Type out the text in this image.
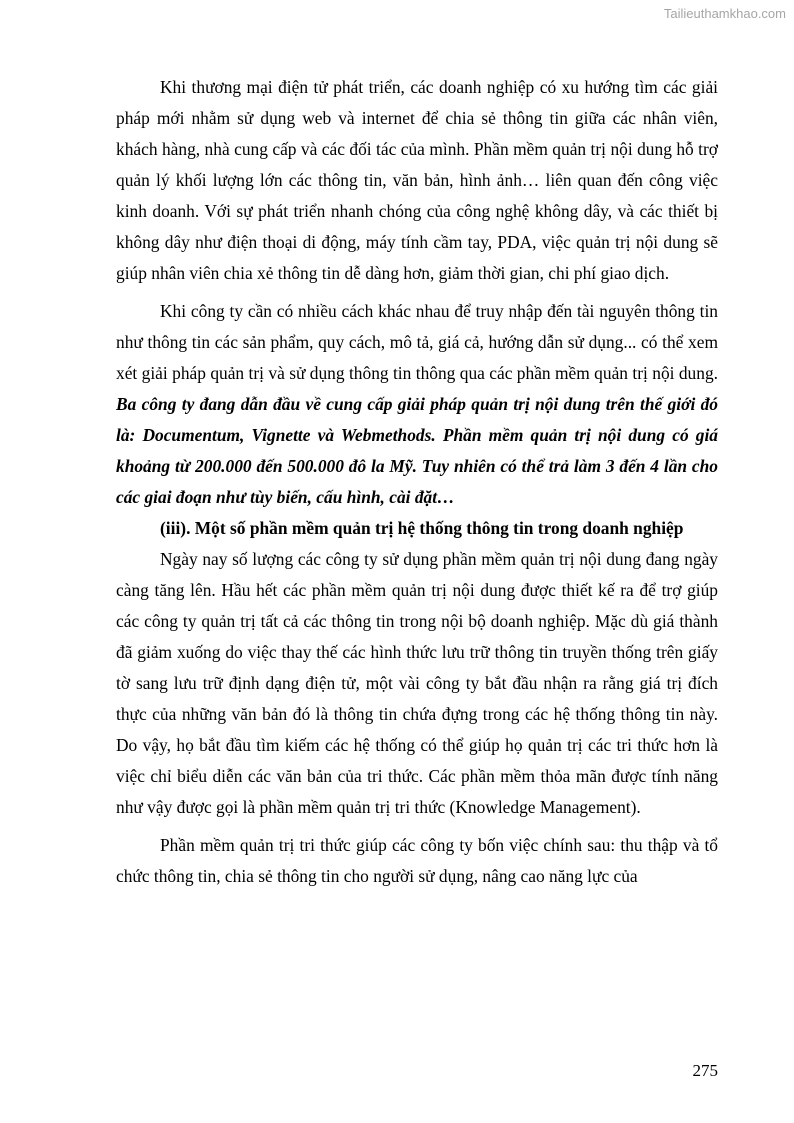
Tailieuthamkhao.com

Khi thương mại điện tử phát triển, các doanh nghiệp có xu hướng tìm các giải pháp mới nhằm sử dụng web và internet để chia sẻ thông tin giữa các nhân viên, khách hàng, nhà cung cấp và các đối tác của mình. Phần mềm quản trị nội dung hỗ trợ quản lý khối lượng lớn các thông tin, văn bản, hình ảnh… liên quan đến công việc kinh doanh. Với sự phát triển nhanh chóng của công nghệ không dây, và các thiết bị không dây như điện thoại di động, máy tính cầm tay, PDA, việc quản trị nội dung sẽ giúp nhân viên chia xẻ thông tin dễ dàng hơn, giảm thời gian, chi phí giao dịch.

Khi công ty cần có nhiều cách khác nhau để truy nhập đến tài nguyên thông tin như thông tin các sản phẩm, quy cách, mô tả, giá cả, hướng dẫn sử dụng... có thể xem xét giải pháp quản trị và sử dụng thông tin thông qua các phần mềm quản trị nội dung. Ba công ty đang dẫn đầu về cung cấp giải pháp quản trị nội dung trên thế giới đó là: Documentum, Vignette và Webmethods. Phần mềm quản trị nội dung có giá khoảng từ 200.000 đến 500.000 đô la Mỹ. Tuy nhiên có thể trả làm 3 đến 4 lần cho các giai đoạn như tùy biến, cấu hình, cài đặt…

(iii). Một số phần mềm quản trị hệ thống thông tin trong doanh nghiệp

Ngày nay số lượng các công ty sử dụng phần mềm quản trị nội dung đang ngày càng tăng lên. Hầu hết các phần mềm quản trị nội dung được thiết kế ra để trợ giúp các công ty quản trị tất cả các thông tin trong nội bộ doanh nghiệp. Mặc dù giá thành đã giảm xuống do việc thay thế các hình thức lưu trữ thông tin truyền thống trên giấy tờ sang lưu trữ định dạng điện tử, một vài công ty bắt đầu nhận ra rằng giá trị đích thực của những văn bản đó là thông tin chứa đựng trong các hệ thống thông tin này. Do vậy, họ bắt đầu tìm kiếm các hệ thống có thể giúp họ quản trị các tri thức hơn là việc chỉ biểu diễn các văn bản của tri thức. Các phần mềm thỏa mãn được tính năng như vậy được gọi là phần mềm quản trị tri thức (Knowledge Management).

Phần mềm quản trị tri thức giúp các công ty bốn việc chính sau: thu thập và tổ chức thông tin, chia sẻ thông tin cho người sử dụng, nâng cao năng lực của

275
